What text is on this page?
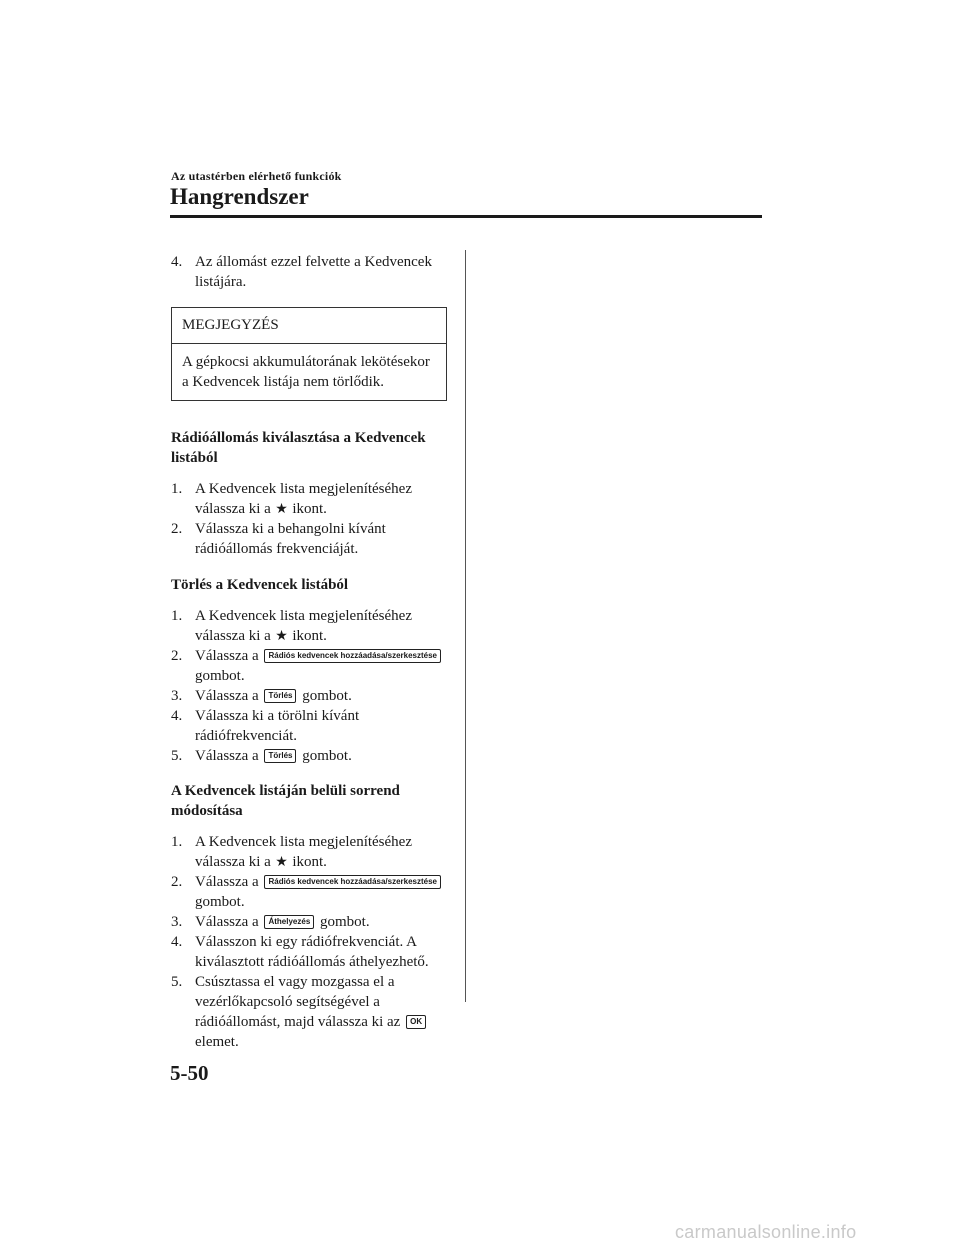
Az utastérben elérhető funkciók
Hangrendszer
4. Az állomást ezzel felvette a Kedvencek listájára.
MEGJEGYZÉS
A gépkocsi akkumulátorának lekötésekor a Kedvencek listája nem törlődik.
Rádióállomás kiválasztása a Kedvencek listából
1. A Kedvencek lista megjelenítéséhez válassza ki a ★ ikont.
2. Válassza ki a behangolni kívánt rádióállomás frekvenciáját.
Törlés a Kedvencek listából
1. A Kedvencek lista megjelenítéséhez válassza ki a ★ ikont.
2. Válassza a Rádiós kedvencek hozzáadása/szerkesztése
gombot.
3. Válassza a Törlés gombot.
4. Válassza ki a törölni kívánt rádiófrekvenciát.
5. Válassza a Törlés gombot.
A Kedvencek listáján belüli sorrend módosítása
1. A Kedvencek lista megjelenítéséhez válassza ki a ★ ikont.
2. Válassza a Rádiós kedvencek hozzáadása/szerkesztése
gombot.
3. Válassza a Áthelyezés gombot.
4. Válasszon ki egy rádiófrekvenciát. A kiválasztott rádióállomás áthelyezhető.
5. Csúsztassa el vagy mozgassa el a vezérlőkapcsoló segítségével a rádióállomást, majd válassza ki az OK elemet.
5-50
carmanualsonline.info
